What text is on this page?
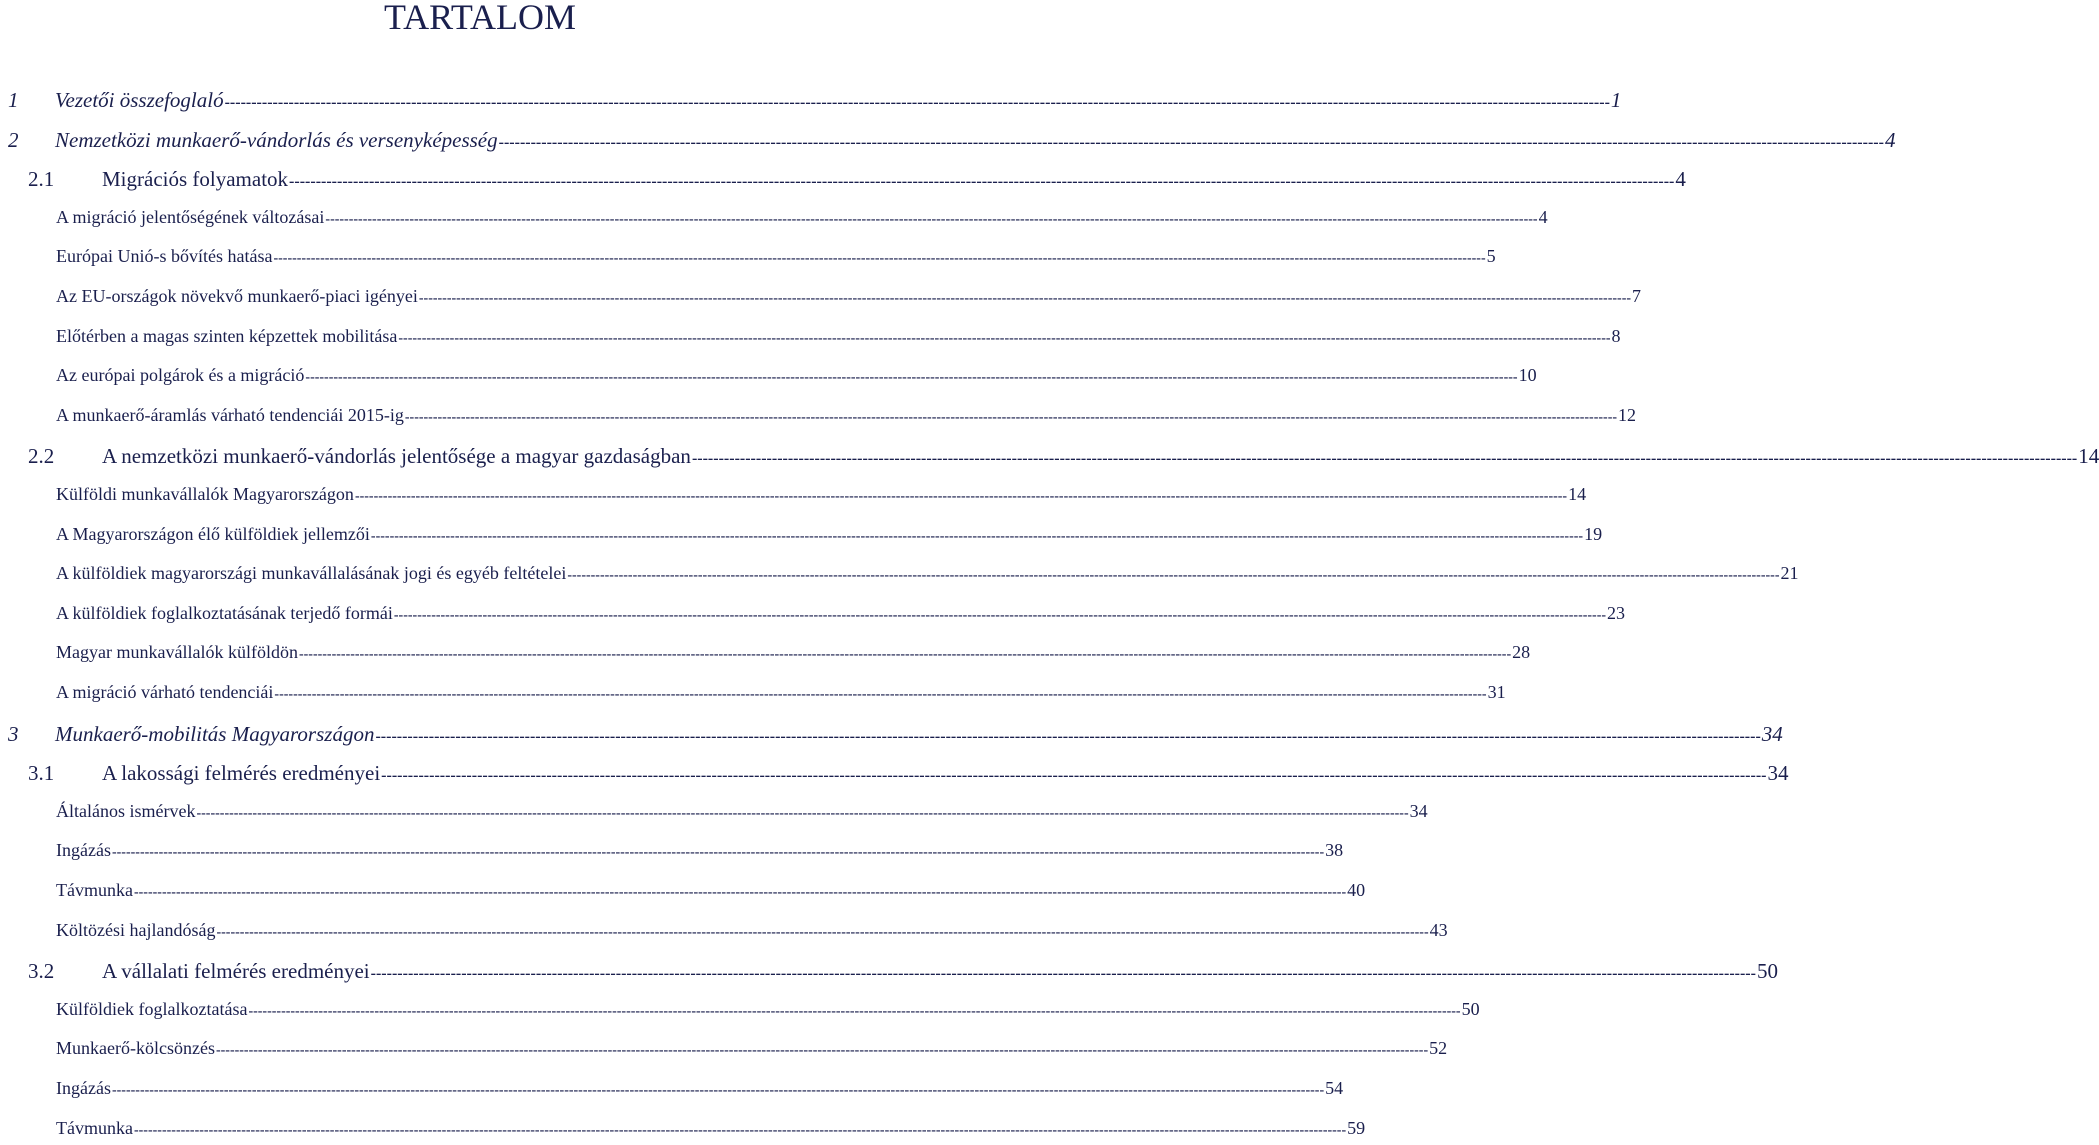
TARTALOM
1	Vezetői összefoglaló -------------------------------------------------------------------------------------------------------------------------------------------------------------------------------------------------------------------------------------------------------------------- 1
2	Nemzetközi munkaerő-vándorlás és versenyképesség -------------------------------------------------------------------------------------------------------------------------------------------------------------------------------------------------------------------------------------------------------------------- 4
2.1	Migrációs folyamatok -------------------------------------------------------------------------------------------------------------------------------------------------------------------------------------------------------------------------------------------------------------------- 4
A migráció jelentőségének változásai -------------------------------------------------------------------------------------------------------------------------------------------------------------------------------------------------------------------------------------------------------------------- 4
Európai Unió-s bővítés hatása -------------------------------------------------------------------------------------------------------------------------------------------------------------------------------------------------------------------------------------------------------------------- 5
Az EU-országok növekvő munkaerő-piaci igényei -------------------------------------------------------------------------------------------------------------------------------------------------------------------------------------------------------------------------------------------------------------------- 7
Előtérben a magas szinten képzettek mobilitása -------------------------------------------------------------------------------------------------------------------------------------------------------------------------------------------------------------------------------------------------------------------- 8
Az európai polgárok és a migráció -------------------------------------------------------------------------------------------------------------------------------------------------------------------------------------------------------------------------------------------------------------------- 10
A munkaerő-áramlás várható tendenciái 2015-ig -------------------------------------------------------------------------------------------------------------------------------------------------------------------------------------------------------------------------------------------------------------------- 12
2.2	A nemzetközi munkaerő-vándorlás jelentősége a magyar gazdaságban -------------------------------------------------------------------------------------------------------------------------------------------------------------------------------------------------------------------------------------------------------------------- 14
Külföldi munkavállalók Magyarországon -------------------------------------------------------------------------------------------------------------------------------------------------------------------------------------------------------------------------------------------------------------------- 14
A Magyarországon élő külföldiek jellemzői -------------------------------------------------------------------------------------------------------------------------------------------------------------------------------------------------------------------------------------------------------------------- 19
A külföldiek magyarországi munkavállalásának jogi és egyéb feltételei -------------------------------------------------------------------------------------------------------------------------------------------------------------------------------------------------------------------------------------------------------------------- 21
A külföldiek foglalkoztatásának terjedő formái -------------------------------------------------------------------------------------------------------------------------------------------------------------------------------------------------------------------------------------------------------------------- 23
Magyar munkavállalók külföldön -------------------------------------------------------------------------------------------------------------------------------------------------------------------------------------------------------------------------------------------------------------------- 28
A migráció várható tendenciái -------------------------------------------------------------------------------------------------------------------------------------------------------------------------------------------------------------------------------------------------------------------- 31
3	Munkaerő-mobilitás Magyarországon -------------------------------------------------------------------------------------------------------------------------------------------------------------------------------------------------------------------------------------------------------------------- 34
3.1	A lakossági felmérés eredményei -------------------------------------------------------------------------------------------------------------------------------------------------------------------------------------------------------------------------------------------------------------------- 34
Általános ismérvek -------------------------------------------------------------------------------------------------------------------------------------------------------------------------------------------------------------------------------------------------------------------- 34
Ingázás -------------------------------------------------------------------------------------------------------------------------------------------------------------------------------------------------------------------------------------------------------------------- 38
Távmunka -------------------------------------------------------------------------------------------------------------------------------------------------------------------------------------------------------------------------------------------------------------------- 40
Költözési hajlandóság -------------------------------------------------------------------------------------------------------------------------------------------------------------------------------------------------------------------------------------------------------------------- 43
3.2	A vállalati felmérés eredményei -------------------------------------------------------------------------------------------------------------------------------------------------------------------------------------------------------------------------------------------------------------------- 50
Külföldiek foglalkoztatása -------------------------------------------------------------------------------------------------------------------------------------------------------------------------------------------------------------------------------------------------------------------- 50
Munkaerő-kölcsönzés -------------------------------------------------------------------------------------------------------------------------------------------------------------------------------------------------------------------------------------------------------------------- 52
Ingázás -------------------------------------------------------------------------------------------------------------------------------------------------------------------------------------------------------------------------------------------------------------------- 54
Távmunka -------------------------------------------------------------------------------------------------------------------------------------------------------------------------------------------------------------------------------------------------------------------- 59
